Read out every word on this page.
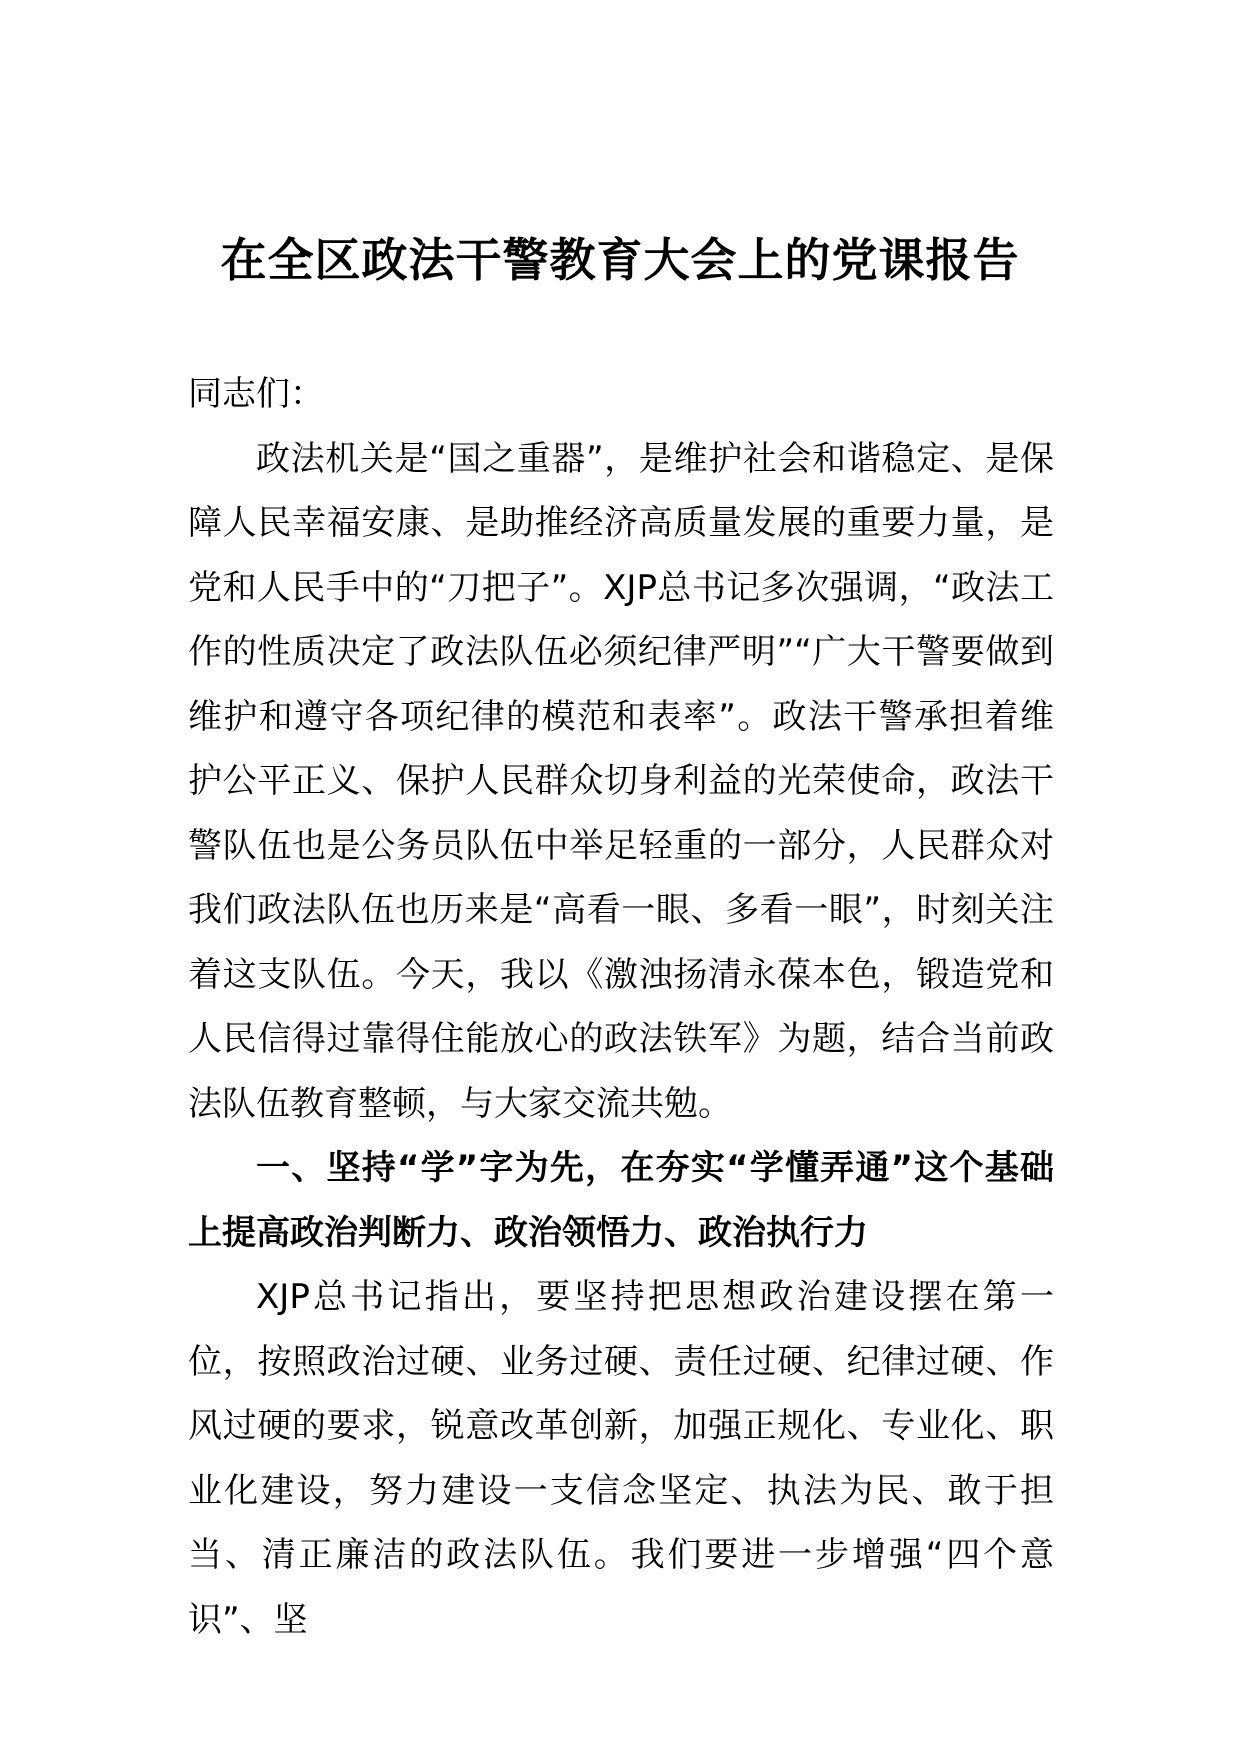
在全区政法干警教育大会上的党课报告

同志们：

政法机关是“国之重器”，是维护社会和谐稳定、是保障人民幸福安康、是助推经济高质量发展的重要力量，是党和人民手中的“刀把子”。XJP总书记多次强调，“政法工作的性质决定了政法队伍必须纪律严明”“广大干警要做到维护和遵守各项纪律的模范和表率”。政法干警承担着维护公平正义、保护人民群众切身利益的光荣使命，政法干警队伍也是公务员队伍中举足轻重的一部分，人民群众对我们政法队伍也历来是“高看一眼、多看一眼”，时刻关注着这支队伍。今天，我以《激浊扬清永葆本色，锻造党和人民信得过靠得住能放心的政法铁军》为题，结合当前政法队伍教育整顿，与大家交流共勉。

一、坚持“学”字为先，在夯实“学懂弄通”这个基础上提高政治判断力、政治领悟力、政治执行力

XJP总书记指出，要坚持把思想政治建设摆在第一位，按照政治过硬、业务过硬、责任过硬、纪律过硬、作风过硬的要求，锐意改革创新，加强正规化、专业化、职业化建设，努力建设一支信念坚定、执法为民、敢于担当、清正廉洁的政法队伍。我们要进一步增强“四个意识”、坚
